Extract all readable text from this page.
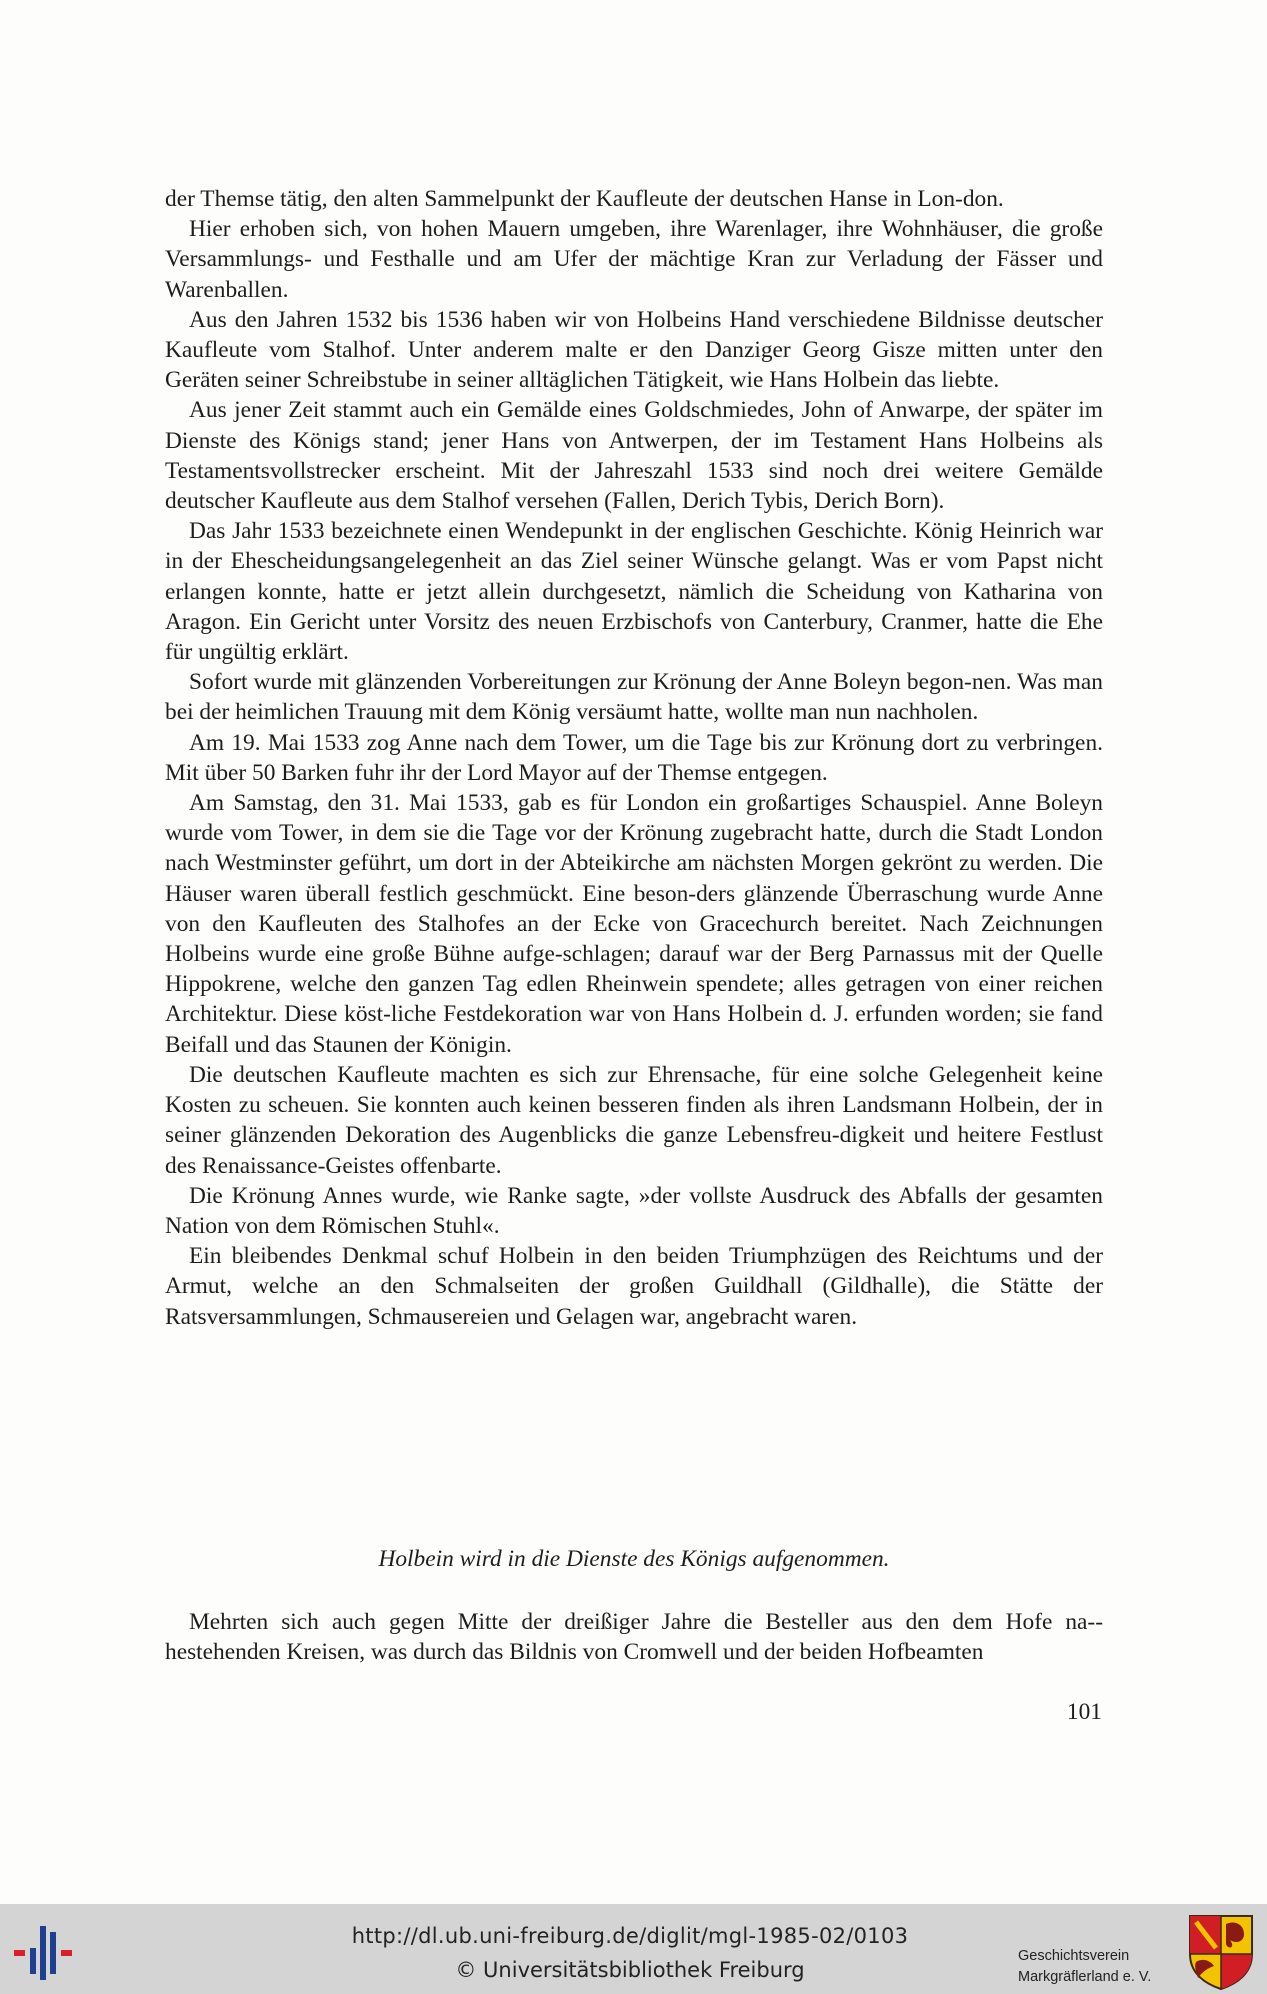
der Themse tätig, den alten Sammelpunkt der Kaufleute der deutschen Hanse in Lon-don.

Hier erhoben sich, von hohen Mauern umgeben, ihre Warenlager, ihre Wohnhäuser, die große Versammlungs- und Festhalle und am Ufer der mächtige Kran zur Verladung der Fässer und Warenballen.

Aus den Jahren 1532 bis 1536 haben wir von Holbeins Hand verschiedene Bildnisse deutscher Kaufleute vom Stalhof. Unter anderem malte er den Danziger Georg Gisze mitten unter den Geräten seiner Schreibstube in seiner alltäglichen Tätigkeit, wie Hans Holbein das liebte.

Aus jener Zeit stammt auch ein Gemälde eines Goldschmiedes, John of Anwarpe, der später im Dienste des Königs stand; jener Hans von Antwerpen, der im Testament Hans Holbeins als Testamentsvollstrecker erscheint. Mit der Jahreszahl 1533 sind noch drei weitere Gemälde deutscher Kaufleute aus dem Stalhof versehen (Fallen, Derich Tybis, Derich Born).

Das Jahr 1533 bezeichnete einen Wendepunkt in der englischen Geschichte. König Heinrich war in der Ehescheidungsangelegenheit an das Ziel seiner Wünsche gelangt. Was er vom Papst nicht erlangen konnte, hatte er jetzt allein durchgesetzt, nämlich die Scheidung von Katharina von Aragon. Ein Gericht unter Vorsitz des neuen Erzbischofs von Canterbury, Cranmer, hatte die Ehe für ungültig erklärt.

Sofort wurde mit glänzenden Vorbereitungen zur Krönung der Anne Boleyn begon-nen. Was man bei der heimlichen Trauung mit dem König versäumt hatte, wollte man nun nachholen.

Am 19. Mai 1533 zog Anne nach dem Tower, um die Tage bis zur Krönung dort zu verbringen. Mit über 50 Barken fuhr ihr der Lord Mayor auf der Themse entgegen.

Am Samstag, den 31. Mai 1533, gab es für London ein großartiges Schauspiel. Anne Boleyn wurde vom Tower, in dem sie die Tage vor der Krönung zugebracht hatte, durch die Stadt London nach Westminster geführt, um dort in der Abteikirche am nächsten Morgen gekrönt zu werden. Die Häuser waren überall festlich geschmückt. Eine beson-ders glänzende Überraschung wurde Anne von den Kaufleuten des Stalhofes an der Ecke von Gracechurch bereitet. Nach Zeichnungen Holbeins wurde eine große Bühne aufge-schlagen; darauf war der Berg Parnassus mit der Quelle Hippokrene, welche den ganzen Tag edlen Rheinwein spendete; alles getragen von einer reichen Architektur. Diese köst-liche Festdekoration war von Hans Holbein d. J. erfunden worden; sie fand Beifall und das Staunen der Königin.

Die deutschen Kaufleute machten es sich zur Ehrensache, für eine solche Gelegenheit keine Kosten zu scheuen. Sie konnten auch keinen besseren finden als ihren Landsmann Holbein, der in seiner glänzenden Dekoration des Augenblicks die ganze Lebensfreu-digkeit und heitere Festlust des Renaissance-Geistes offenbarte.

Die Krönung Annes wurde, wie Ranke sagte, »der vollste Ausdruck des Abfalls der gesamten Nation von dem Römischen Stuhl«.

Ein bleibendes Denkmal schuf Holbein in den beiden Triumphzügen des Reichtums und der Armut, welche an den Schmalseiten der großen Guildhall (Gildhalle), die Stätte der Ratsversammlungen, Schmausereien und Gelagen war, angebracht waren.

Holbein wird in die Dienste des Königs aufgenommen.

Mehrten sich auch gegen Mitte der dreißiger Jahre die Besteller aus den dem Hofe na-hestehenden Kreisen, was durch das Bildnis von Cromwell und der beiden Hofbeamten

101
http://dl.ub.uni-freiburg.de/diglit/mgl-1985-02/0103
© Universitätsbibliothek Freiburg
Geschichtsverein
Markgräflerland e. V.
